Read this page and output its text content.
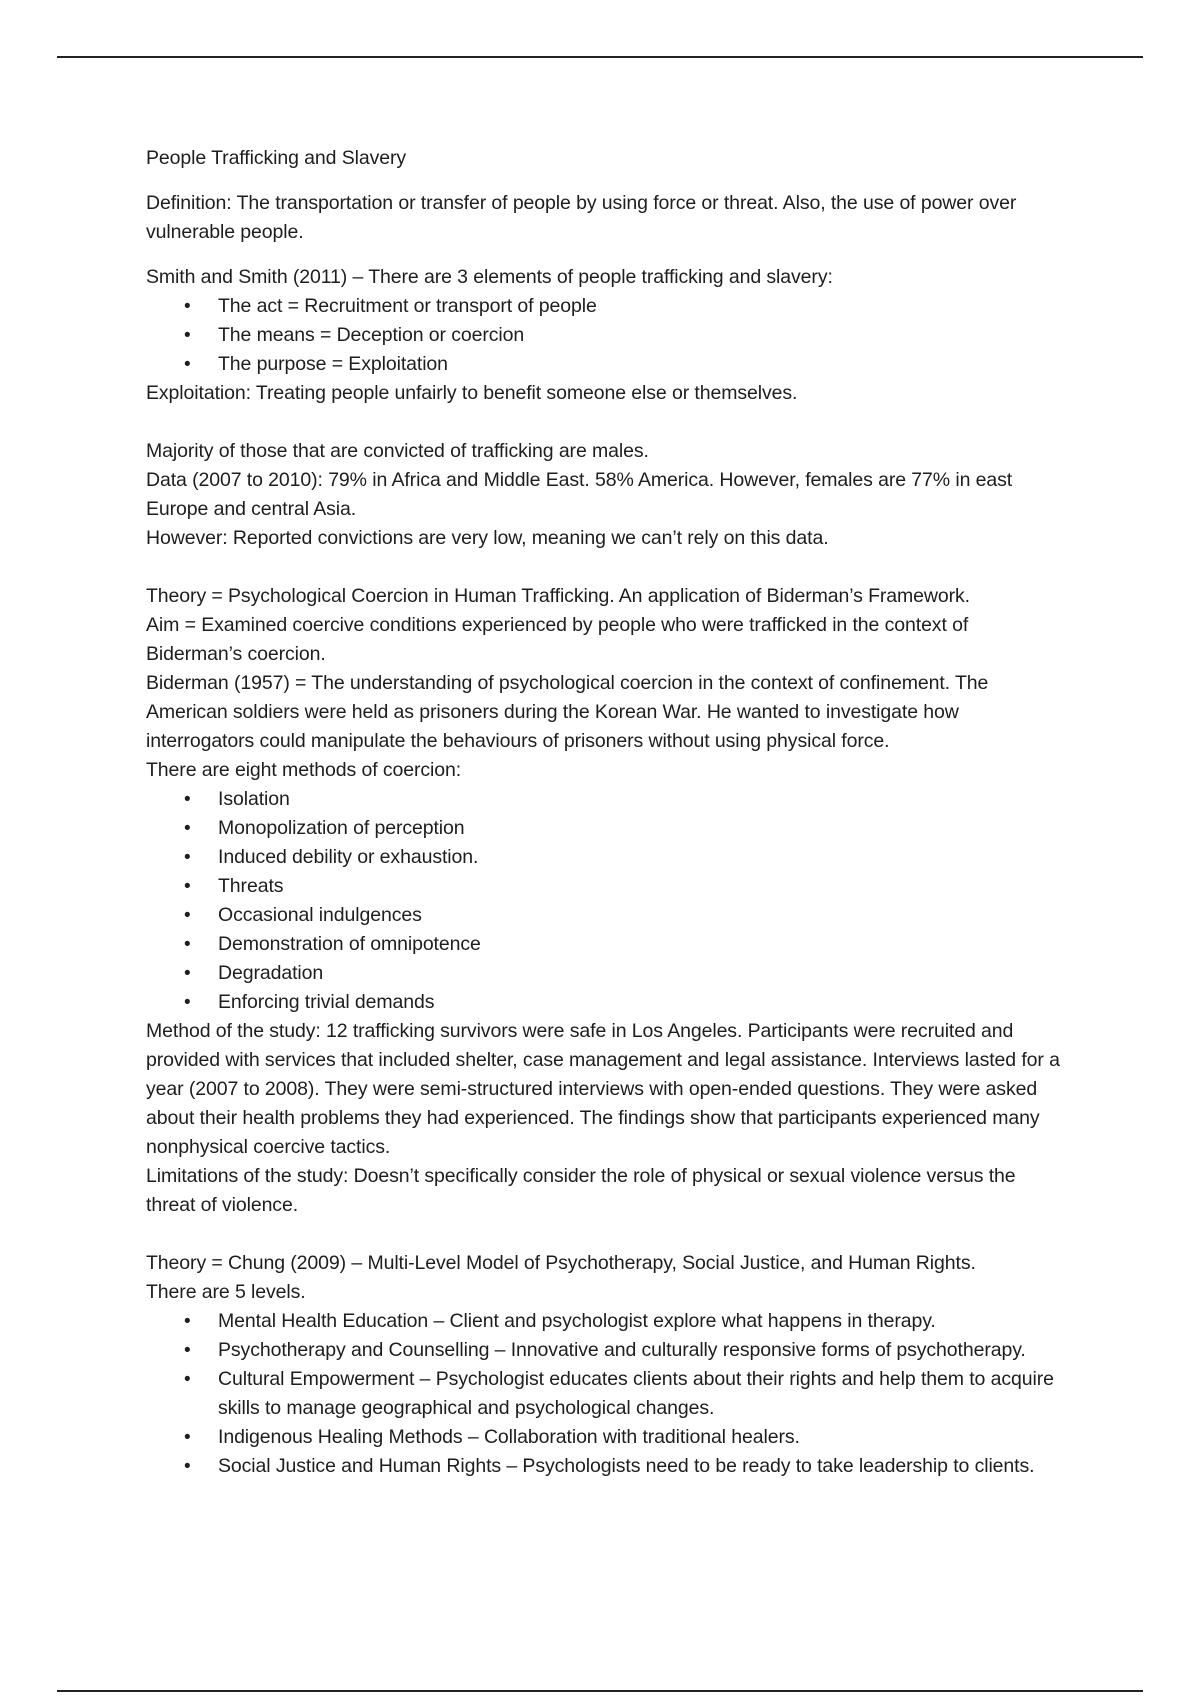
People Trafficking and Slavery

Definition: The transportation or transfer of people by using force or threat. Also, the use of power over vulnerable people.

Smith and Smith (2011) – There are 3 elements of people trafficking and slavery:

• The act = Recruitment or transport of people
• The means = Deception or coercion
• The purpose = Exploitation

Exploitation: Treating people unfairly to benefit someone else or themselves.

Majority of those that are convicted of trafficking are males.

Data (2007 to 2010): 79% in Africa and Middle East. 58% America. However, females are 77% in east Europe and central Asia.

However: Reported convictions are very low, meaning we can’t rely on this data.

Theory = Psychological Coercion in Human Trafficking. An application of Biderman’s Framework.

Aim = Examined coercive conditions experienced by people who were trafficked in the context of Biderman’s coercion.

Biderman (1957) = The understanding of psychological coercion in the context of confinement. The American soldiers were held as prisoners during the Korean War. He wanted to investigate how interrogators could manipulate the behaviours of prisoners without using physical force.

There are eight methods of coercion:

• Isolation
• Monopolization of perception
• Induced debility or exhaustion.
• Threats
• Occasional indulgences
• Demonstration of omnipotence
• Degradation
• Enforcing trivial demands

Method of the study: 12 trafficking survivors were safe in Los Angeles. Participants were recruited and provided with services that included shelter, case management and legal assistance. Interviews lasted for a year (2007 to 2008). They were semi-structured interviews with open-ended questions. They were asked about their health problems they had experienced. The findings show that participants experienced many nonphysical coercive tactics.

Limitations of the study: Doesn’t specifically consider the role of physical or sexual violence versus the threat of violence.

Theory = Chung (2009) – Multi-Level Model of Psychotherapy, Social Justice, and Human Rights.

There are 5 levels.

• Mental Health Education – Client and psychologist explore what happens in therapy.
• Psychotherapy and Counselling – Innovative and culturally responsive forms of psychotherapy.
• Cultural Empowerment – Psychologist educates clients about their rights and help them to acquire skills to manage geographical and psychological changes.
• Indigenous Healing Methods – Collaboration with traditional healers.
• Social Justice and Human Rights – Psychologists need to be ready to take leadership to clients.
